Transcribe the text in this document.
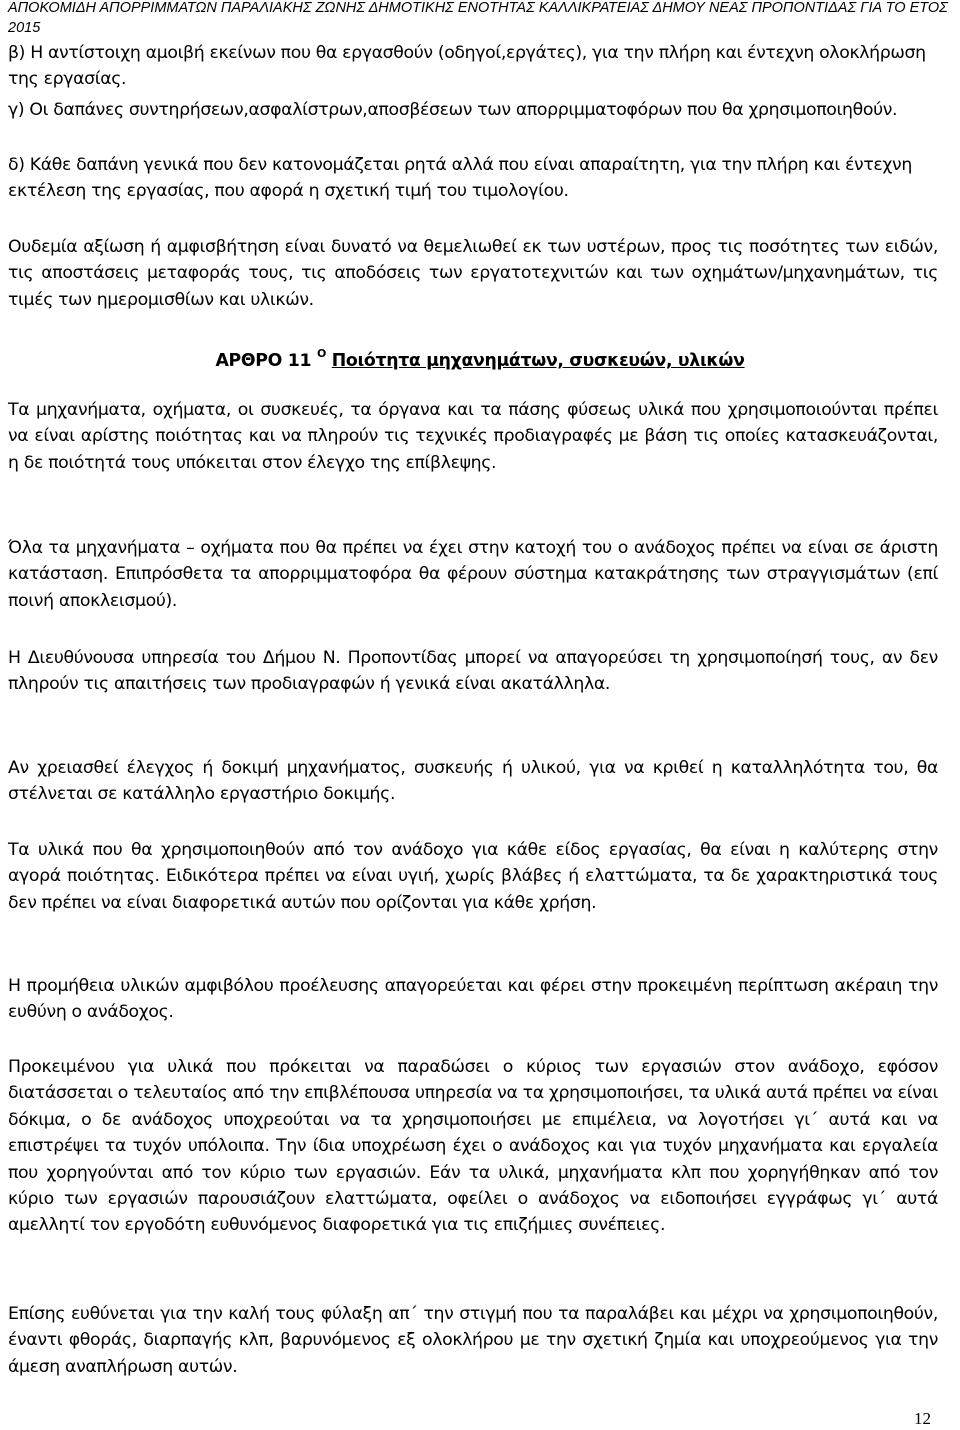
ΑΠΟΚΟΜΙΔΗ ΑΠΟΡΡΙΜΜΑΤΩΝ ΠΑΡΑΛΙΑΚΗΣ ΖΩΝΗΣ ΔΗΜΟΤΙΚΗΣ ΕΝΟΤΗΤΑΣ ΚΑΛΛΙΚΡΑΤΕΙΑΣ ΔΗΜΟΥ ΝΕΑΣ ΠΡΟΠΟΝΤΙΔΑΣ ΓΙΑ ΤΟ ΕΤΟΣ
2015

β) Η αντίστοιχη αμοιβή εκείνων που θα εργασθούν (οδηγοί,εργάτες), για την πλήρη και έντεχνη ολοκλήρωση της εργασίας.

γ) Οι δαπάνες συντηρήσεων,ασφαλίστρων,αποσβέσεων των απορριμματοφόρων που θα χρησιμοποιηθούν.

δ) Κάθε δαπάνη γενικά που δεν κατονομάζεται ρητά αλλά που είναι απαραίτητη, για την πλήρη και έντεχνη εκτέλεση της εργασίας, που αφορά η σχετική τιμή του τιμολογίου.

Ουδεμία αξίωση ή αμφισβήτηση είναι δυνατό να θεμελιωθεί εκ των υστέρων, προς τις ποσότητες των ειδών, τις αποστάσεις μεταφοράς τους, τις αποδόσεις των εργατοτεχνιτών και των οχημάτων/μηχανημάτων, τις τιμές των ημερομισθίων και υλικών.

ΑΡΘΡΟ 11 $^O$ Ποιότητα μηχανημάτων, συσκευών, υλικών

Τα μηχανήματα, οχήματα, οι συσκευές, τα όργανα και τα πάσης φύσεως υλικά που χρησιμοποιούνται πρέπει να είναι αρίστης ποιότητας και να πληρούν τις τεχνικές προδιαγραφές με βάση τις οποίες κατασκευάζονται, η δε ποιότητά τους υπόκειται στον έλεγχο της επίβλεψης.

Όλα τα μηχανήματα – οχήματα που θα πρέπει να έχει στην κατοχή του ο ανάδοχος πρέπει να είναι σε άριστη κατάσταση. Επιπρόσθετα τα απορριμματοφόρα θα φέρουν σύστημα κατακράτησης των στραγγισμάτων (επί ποινή αποκλεισμού).

Η Διευθύνουσα υπηρεσία του Δήμου Ν. Προποντίδας μπορεί να απαγορεύσει τη χρησιμοποίησή τους, αν δεν πληρούν τις απαιτήσεις των προδιαγραφών ή γενικά είναι ακατάλληλα.

Αν χρειασθεί έλεγχος ή δοκιμή μηχανήματος, συσκευής ή υλικού, για να κριθεί η καταλληλότητα του, θα στέλνεται σε κατάλληλο εργαστήριο δοκιμής.

Τα υλικά που θα χρησιμοποιηθούν από τον ανάδοχο για κάθε είδος εργασίας, θα είναι η καλύτερης στην αγορά ποιότητας. Ειδικότερα πρέπει να είναι υγιή, χωρίς βλάβες ή ελαττώματα, τα δε χαρακτηριστικά τους δεν πρέπει να είναι διαφορετικά αυτών που ορίζονται για κάθε χρήση.

Η προμήθεια υλικών αμφιβόλου προέλευσης απαγορεύεται και φέρει στην προκειμένη περίπτωση ακέραιη την ευθύνη ο ανάδοχος.

Προκειμένου για υλικά που πρόκειται να παραδώσει ο κύριος των εργασιών στον ανάδοχο, εφόσον διατάσσεται ο τελευταίος από την επιβλέπουσα υπηρεσία να τα χρησιμοποιήσει, τα υλικά αυτά πρέπει να είναι δόκιμα, ο δε ανάδοχος υποχρεούται να τα χρησιμοποιήσει με επιμέλεια, να λογοτήσει γι΄ αυτά και να επιστρέψει τα τυχόν υπόλοιπα. Την ίδια υποχρέωση έχει ο ανάδοχος και για τυχόν μηχανήματα και εργαλεία που χορηγούνται από τον κύριο των εργασιών. Εάν τα υλικά, μηχανήματα κλπ που χορηγήθηκαν από τον κύριο των εργασιών παρουσιάζουν ελαττώματα, οφείλει ο ανάδοχος να ειδοποιήσει εγγράφως γι΄ αυτά αμελλητί τον εργοδότη ευθυνόμενος διαφορετικά για τις επιζήμιες συνέπειες.

Επίσης ευθύνεται για την καλή τους φύλαξη απ΄ την στιγμή που τα παραλάβει και μέχρι να χρησιμοποιηθούν, έναντι φθοράς, διαρπαγής κλπ, βαρυνόμενος εξ ολοκλήρου με την σχετική ζημία και υποχρεούμενος για την άμεση αναπλήρωση αυτών.

12
